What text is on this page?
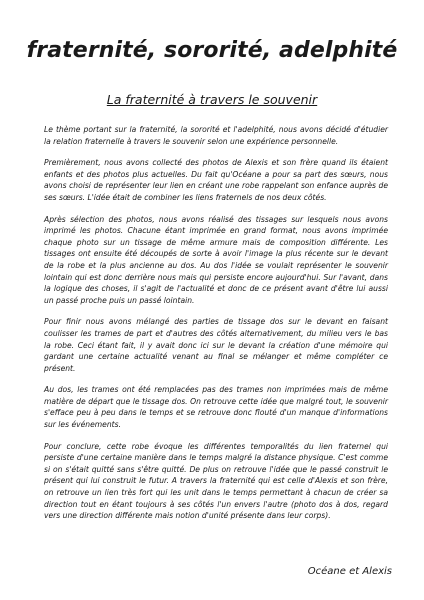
fraternité, sororité, adelphité
La fraternité à travers le souvenir

Le thème portant sur la fraternité, la sororité et l'adelphité, nous avons décidé d'étudier la relation fraternelle à travers le souvenir selon une expérience personnelle.

Premièrement, nous avons collecté des photos de Alexis et son frère quand ils étaient enfants et des photos plus actuelles. Du fait qu'Océane a pour sa part des sœurs, nous avons choisi de représenter leur lien en créant une robe rappelant son enfance auprès de ses sœurs. L'idée était de combiner les liens fraternels de nos deux côtés.

Après sélection des photos, nous avons réalisé des tissages sur lesquels nous avons imprimé les photos. Chacune étant imprimée en grand format, nous avons imprimée chaque photo sur un tissage de même armure mais de composition différente. Les tissages ont ensuite été découpés de sorte à avoir l'image la plus récente sur le devant de la robe et la plus ancienne au dos. Au dos l'idée se voulait représenter le souvenir lointain qui est donc derrière nous mais qui persiste encore aujourd'hui. Sur l'avant, dans la logique des choses, il s'agit de l'actualité et donc de ce présent avant d'être lui aussi un passé proche puis un passé lointain.

Pour finir nous avons mélangé des parties de tissage dos sur le devant en faisant coulisser les trames de part et d'autres des côtés alternativement, du milieu vers le bas la robe. Ceci étant fait, il y avait donc ici sur le devant la création d'une mémoire qui gardant une certaine actualité venant au final se mélanger et même compléter ce présent.

Au dos, les trames ont été remplacées pas des trames non imprimées mais de même matière de départ que le tissage dos. On retrouve cette idée que malgré tout, le souvenir s'efface peu à peu dans le temps et se retrouve donc flouté d'un manque d'informations sur les événements.

Pour conclure, cette robe évoque les différentes temporalités du lien fraternel qui persiste d'une certaine manière dans le temps malgré la distance physique. C'est comme si on s'était quitté sans s'être quitté. De plus on retrouve l'idée que le passé construit le présent qui lui construit le futur. A travers la fraternité qui est celle d'Alexis et son frère, on retrouve un lien très fort qui les unit dans le temps permettant à chacun de créer sa direction tout en étant toujours à ses côtés l'un envers l'autre (photo dos à dos, regard vers une direction différente mais notion d'unité présente dans leur corps).

Océane et Alexis
